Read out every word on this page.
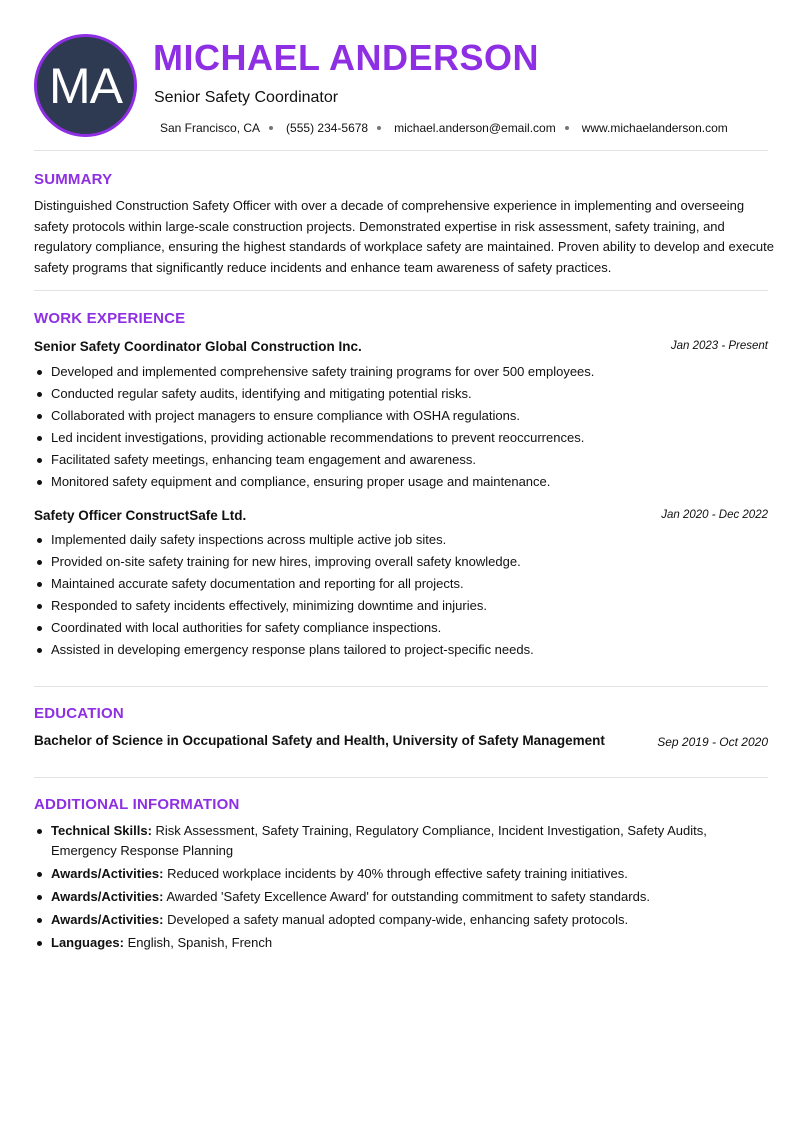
MA MICHAEL ANDERSON
Senior Safety Coordinator
San Francisco, CA (555) 234-5678 michael.anderson@email.com www.michaelanderson.com
SUMMARY
Distinguished Construction Safety Officer with over a decade of comprehensive experience in implementing and overseeing safety protocols within large-scale construction projects. Demonstrated expertise in risk assessment, safety training, and regulatory compliance, ensuring the highest standards of workplace safety are maintained. Proven ability to develop and execute safety programs that significantly reduce incidents and enhance team awareness of safety practices.
WORK EXPERIENCE
Senior Safety Coordinator Global Construction Inc.	Jan 2023 - Present
Developed and implemented comprehensive safety training programs for over 500 employees.
Conducted regular safety audits, identifying and mitigating potential risks.
Collaborated with project managers to ensure compliance with OSHA regulations.
Led incident investigations, providing actionable recommendations to prevent reoccurrences.
Facilitated safety meetings, enhancing team engagement and awareness.
Monitored safety equipment and compliance, ensuring proper usage and maintenance.
Safety Officer ConstructSafe Ltd.	Jan 2020 - Dec 2022
Implemented daily safety inspections across multiple active job sites.
Provided on-site safety training for new hires, improving overall safety knowledge.
Maintained accurate safety documentation and reporting for all projects.
Responded to safety incidents effectively, minimizing downtime and injuries.
Coordinated with local authorities for safety compliance inspections.
Assisted in developing emergency response plans tailored to project-specific needs.
EDUCATION
Bachelor of Science in Occupational Safety and Health, University of Safety Management	Sep 2019 - Oct 2020
ADDITIONAL INFORMATION
Technical Skills: Risk Assessment, Safety Training, Regulatory Compliance, Incident Investigation, Safety Audits, Emergency Response Planning
Awards/Activities: Reduced workplace incidents by 40% through effective safety training initiatives.
Awards/Activities: Awarded 'Safety Excellence Award' for outstanding commitment to safety standards.
Awards/Activities: Developed a safety manual adopted company-wide, enhancing safety protocols.
Languages: English, Spanish, French
